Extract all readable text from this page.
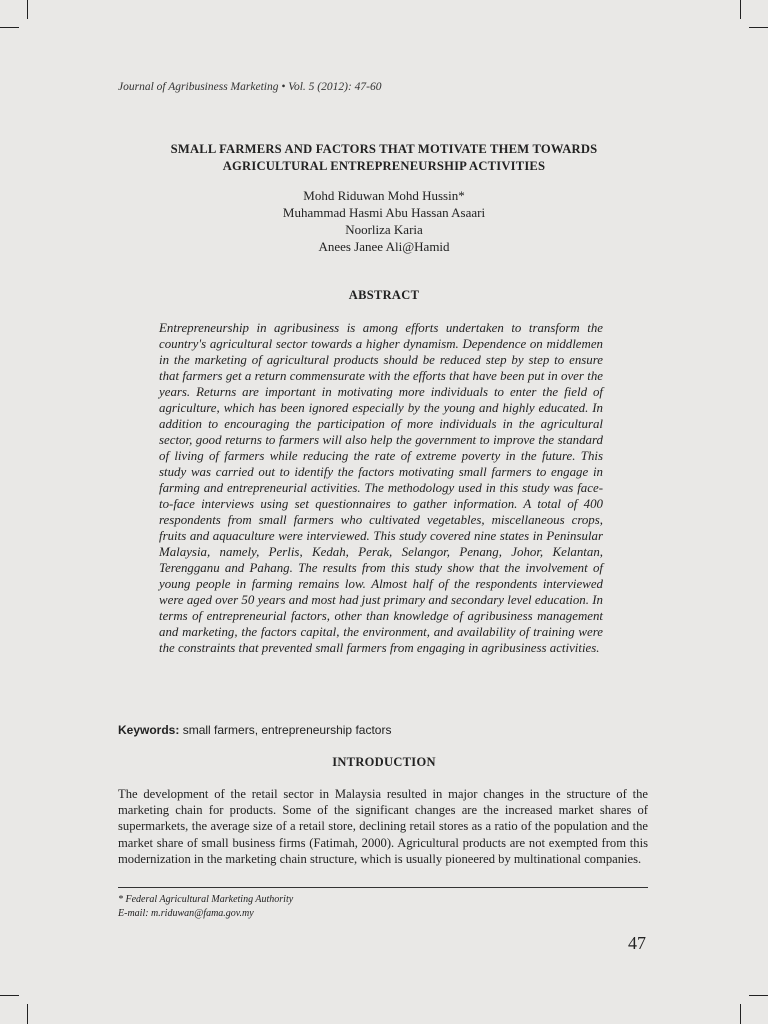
Journal of Agribusiness Marketing • Vol. 5 (2012): 47-60
SMALL FARMERS AND FACTORS THAT MOTIVATE THEM TOWARDS
AGRICULTURAL ENTREPRENEURSHIP ACTIVITIES
Mohd Riduwan Mohd Hussin*
Muhammad Hasmi Abu Hassan Asaari
Noorliza Karia
Anees Janee Ali@Hamid
ABSTRACT
Entrepreneurship in agribusiness is among efforts undertaken to transform the country's agricultural sector towards a higher dynamism. Dependence on middlemen in the marketing of agricultural products should be reduced step by step to ensure that farmers get a return commensurate with the efforts that have been put in over the years. Returns are important in motivating more individuals to enter the field of agriculture, which has been ignored especially by the young and highly educated. In addition to encouraging the participation of more individuals in the agricultural sector, good returns to farmers will also help the government to improve the standard of living of farmers while reducing the rate of extreme poverty in the future. This study was carried out to identify the factors motivating small farmers to engage in farming and entrepreneurial activities. The methodology used in this study was face-to-face interviews using set questionnaires to gather information. A total of 400 respondents from small farmers who cultivated vegetables, miscellaneous crops, fruits and aquaculture were interviewed. This study covered nine states in Peninsular Malaysia, namely, Perlis, Kedah, Perak, Selangor, Penang, Johor, Kelantan, Terengganu and Pahang. The results from this study show that the involvement of young people in farming remains low. Almost half of the respondents interviewed were aged over 50 years and most had just primary and secondary level education. In terms of entrepreneurial factors, other than knowledge of agribusiness management and marketing, the factors capital, the environment, and availability of training were the constraints that prevented small farmers from engaging in agribusiness activities.
Keywords: small farmers, entrepreneurship factors
INTRODUCTION
The development of the retail sector in Malaysia resulted in major changes in the structure of the marketing chain for products. Some of the significant changes are the increased market shares of supermarkets, the average size of a retail store, declining retail stores as a ratio of the population and the market share of small business firms (Fatimah, 2000). Agricultural products are not exempted from this modernization in the marketing chain structure, which is usually pioneered by multinational companies.
* Federal Agricultural Marketing Authority
E-mail: m.riduwan@fama.gov.my
47
